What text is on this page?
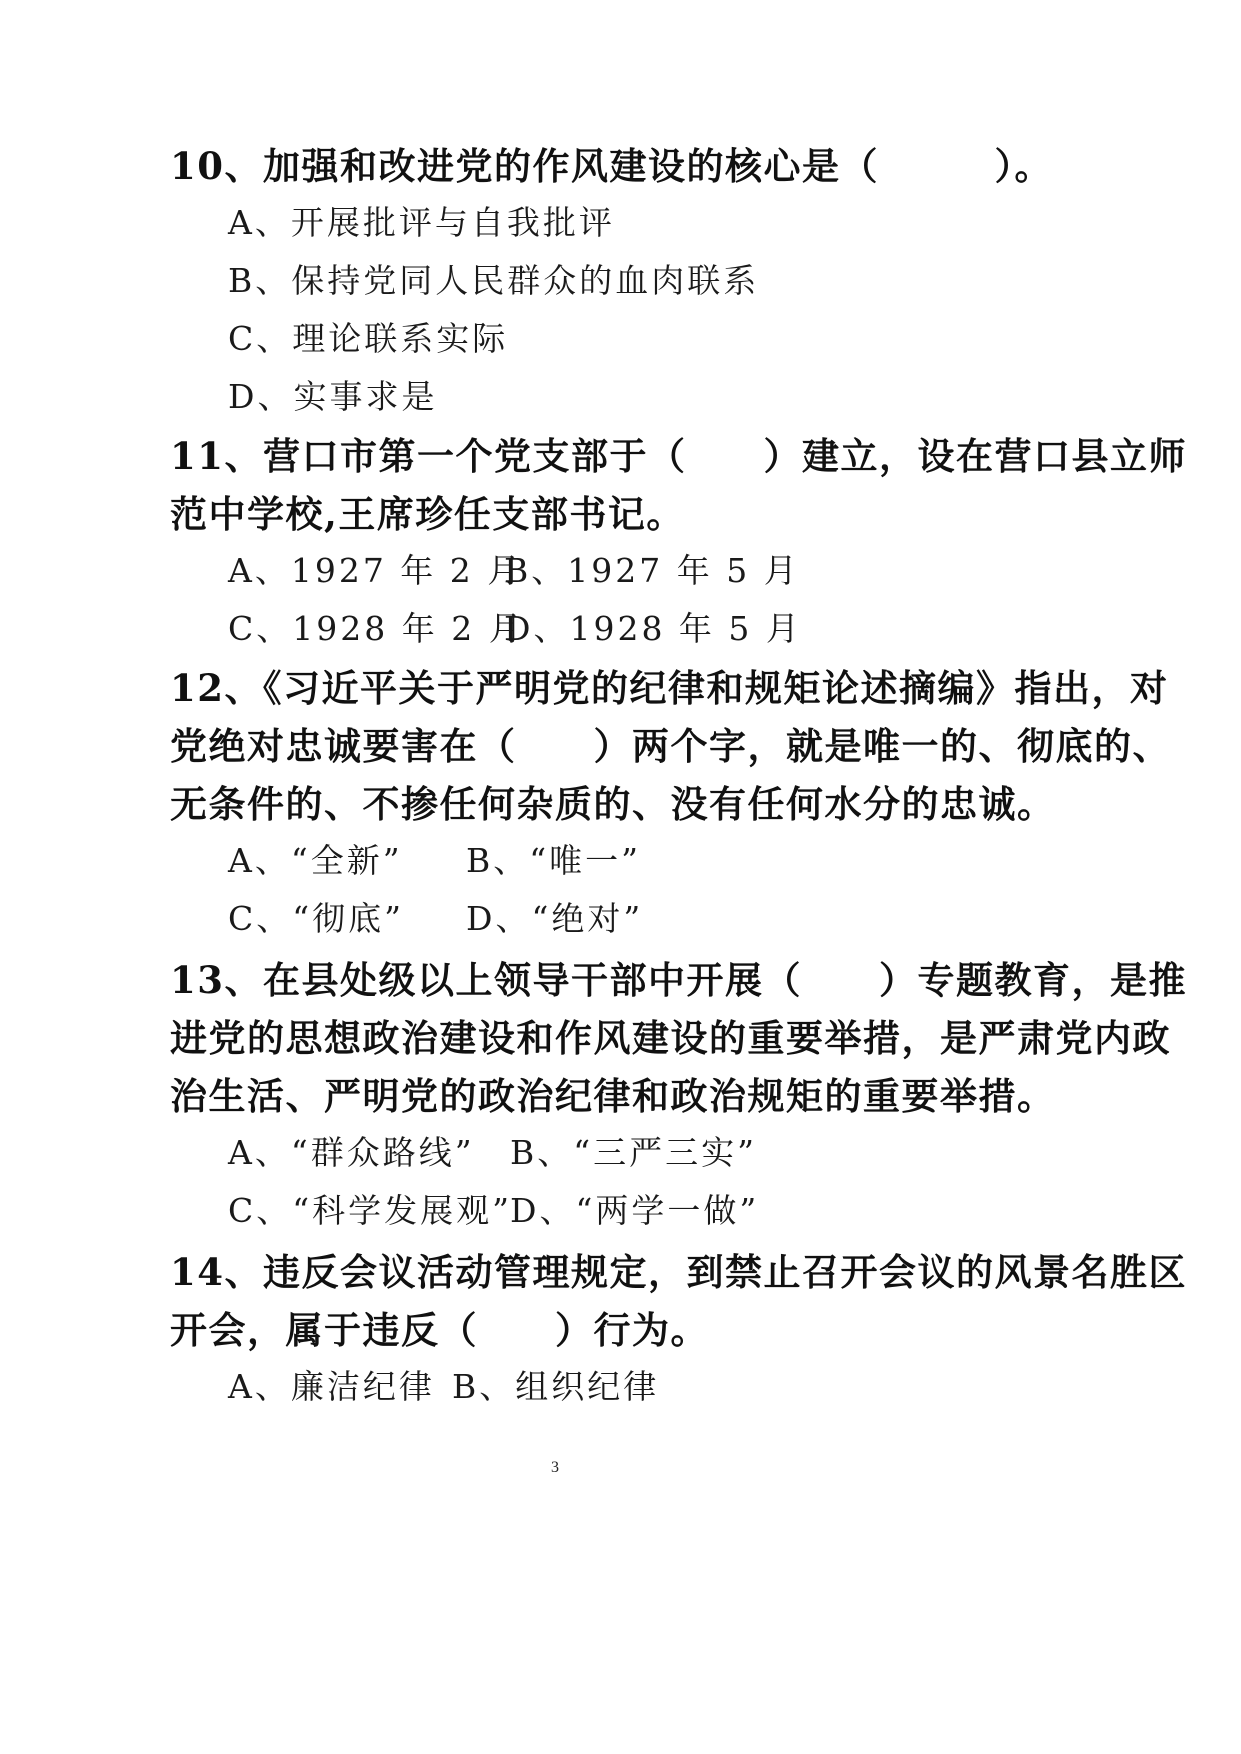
10、加强和改进党的作风建设的核心是（　　　）。
A、开展批评与自我批评
B、保持党同人民群众的血肉联系
C、理论联系实际
D、实事求是
11、营口市第一个党支部于（　　）建立，设在营口县立师
范中学校,王席珍任支部书记。
A、1927 年 2 月
B、1927 年 5 月
C、1928 年 2 月
D、1928 年 5 月
12、《习近平关于严明党的纪律和规矩论述摘编》指出，对
党绝对忠诚要害在（　　）两个字，就是唯一的、彻底的、
无条件的、不掺任何杂质的、没有任何水分的忠诚。
A、“全新” B、“唯一”
C、“彻底” D、“绝对”
13、在县处级以上领导干部中开展（　　）专题教育，是推
进党的思想政治建设和作风建设的重要举措，是严肃党内政
治生活、严明党的政治纪律和政治规矩的重要举措。
A、“群众路线” B、“三严三实”
C、“科学发展观”
D、“两学一做”
14、违反会议活动管理规定，到禁止召开会议的风景名胜区
开会，属于违反（　　）行为。
A、廉洁纪律 B、组织纪律
3
